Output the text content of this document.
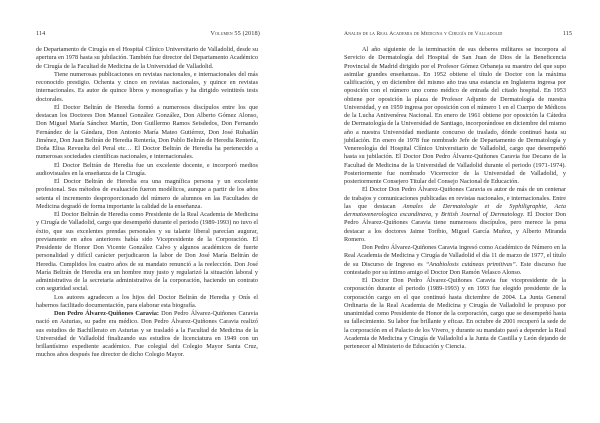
114	Volumen 55 (2018)

de Departamento de Cirugía en el Hospital Clínico Universitario de Valladolid, desde su apertura en 1978 hasta su jubilación. También fue director del Departamento Académico de Cirugía de la Facultad de Medicina de la Universidad de Valladolid.

Tiene numerosas publicaciones en revistas nacionales, e internacionales del más reconocido prestigio. Ochenta y cinco en revistas nacionales, y quince en revistas internacionales. Es autor de quince libros y monografías y ha dirigido veintitrés tesis doctorales.

El Doctor Beltrán de Heredia formó a numerosos discípulos entre los que destacan los Doctores Don Manuel González González, Don Alberto Gómez Alonso, Don Miguel María Sánchez Martín, Don Guillermo Ramos Seisdedos, Don Fernando Fernández de la Gándara, Don Antonio María Mateo Gutiérrez, Don José Ruhadán Jiménez, Don Juan Beltrán de Heredia Rentería, Don Pablo Beltrán de Heredia Rentería, Doña Elisa Revuelta del Peral etc… El Doctor Beltrán de Heredia ha pertenecido a numerosas sociedades científicas nacionales, e internacionales.

El Doctor Beltrán de Heredia fue un excelente docente, e incorporó medios audiovisuales en la enseñanza de la Cirugía.

El Doctor Beltrán de Heredia era una magnífica persona y un excelente profesional. Sus métodos de evaluación fueron modélicos, aunque a partir de los años setenta el incremento desproporcionado del número de alumnos en las Facultades de Medicina degradó de forma importante la calidad de la enseñanza.

El Doctor Beltrán de Heredia como Presidente de la Real Academia de Medicina y Cirugía de Valladolid, cargo que desempeñó durante el periodo (1989-1993) no tuvo el éxito, que sus excelentes prendas personales y su talante liberal parecían augurar, previamente en años anteriores había sido Vicepresidente de la Corporación. El Presidente de Honor Don Vicente González Calvo y algunos académicos de fuerte personalidad y difícil carácter perjudicaron la labor de Don José María Beltrán de Heredia. Cumplidos los cuatro años de su mandato renunció a la reelección. Don José María Beltrán de Heredia era un hombre muy justo y regularizó la situación laboral y administrativa de la secretaria administrativa de la corporación, haciendo un contrato con seguridad social.

Los autores agradecen a los hijos del Doctor Beltrán de Heredia y Onís el habernos facilitado documentación, para elaborar esta biografía.

Don Pedro Álvarez-Quiñones Caravia: Don Pedro Álvarez-Quiñones Caravia nació en Asturias, su padre era médico. Don Pedro Álvarez-Quiñones Caravia realizó sus estudios de Bachillerato en Asturias y se trasladó a la Facultad de Medicina de la Universidad de Valladolid finalizando sus estudios de licenciatura en 1949 con un brillantísimo expediente académico. Fue colegial del Colegio Mayor Santa Cruz, muchos años después fue director de dicho Colegio Mayor.

Anales de la Real Academia de Medicina y Cirugía de Valladolid	115

Al año siguiente de la terminación de sus deberes militares se incorpora al Servicio de Dermatología del Hospital de San Juan de Dios de la Beneficencia Provincial de Madrid dirigido por el Profesor Gómez Orbaneja su maestro del que supo asimilar grandes enseñanzas. En 1952 obtiene el título de Doctor con la máxima calificación, y en diciembre del mismo año tras una estancia en Inglaterra ingresa por oposición con el número uno como médico de entrada del citado hospital. En 1953 obtiene por oposición la plaza de Profesor Adjunto de Dermatología de nuestra Universidad, y en 1959 ingresa por oposición con el número 1 en el Cuerpo de Médicos de la Lucha Antivenérea Nacional. En enero de 1961 obtiene por oposición la Cátedra de Dermatología de la Universidad de Santiago, incorporándose en diciembre del mismo año a nuestra Universidad mediante concurso de traslado, dónde continuó hasta su jubilación. En enero de 1978 fue nombrado Jefe de Departamento de Dermatología y Venereología del Hospital Clínico Universitario de Valladolid, cargo que desempeñó hasta su jubilación. El Doctor Don Pedro Álvarez-Quiñones Caravia fue Decano de la Facultad de Medicina de la Universidad de Valladolid durante el periodo (1971-1974). Posteriormente fue nombrado Vicerrector de la Universidad de Valladolid, y posteriormente Consejero Titular del Consejo Nacional de Educación.

El Doctor Don Pedro Álvarez-Quiñones Caravia es autor de más de un centenar de trabajos y comunicaciones publicadas en revistas nacionales, e internacionales. Entre las que destacan Annales de Dermatologie et de Syphiligraphie, Acta dermatovenerologica escandinava, y British Journal of Dermatology. El Doctor Don Pedro Álvarez-Quiñones Caravia tiene numerosos discípulos, pero merece la pena destacar a los doctores Jaime Toribio, Miguel García Muñoz, y Alberto Miranda Romero.

Don Pedro Álvarez-Quiñones Caravia ingresó como Académico de Número en la Real Academia de Medicina y Cirugía de Valladolid el día 11 de marzo de 1977, el título de su Discurso de Ingreso es “Anabiolosis cutáneas primitivas”. Este discurso fue contestado por su íntimo amigo el Doctor Don Ramón Velasco Alonso.

El Doctor Don Pedro Álvarez-Quiñones Caravia fue vicepresidente de la corporación durante el periodo (1989-1993) y en 1993 fue elegido presidente de la corporación cargo en el que continuó hasta diciembre de 2004. La Junta General Ordinaria de la Real Academia de Medicina y Cirugía de Valladolid le propuso por unanimidad como Presidente de Honor de la corporación, cargo que se desempeñó hasta su fallecimiento. Su labor fue brillante y eficaz. En octubre de 2001 recuperó la sede de la corporación en el Palacio de los Vivero, y durante su mandato pasó a depender la Real Academia de Medicina y Cirugía de Valladolid a la Junta de Castilla y León dejando de pertenecer al Ministerio de Educación y Ciencia.
